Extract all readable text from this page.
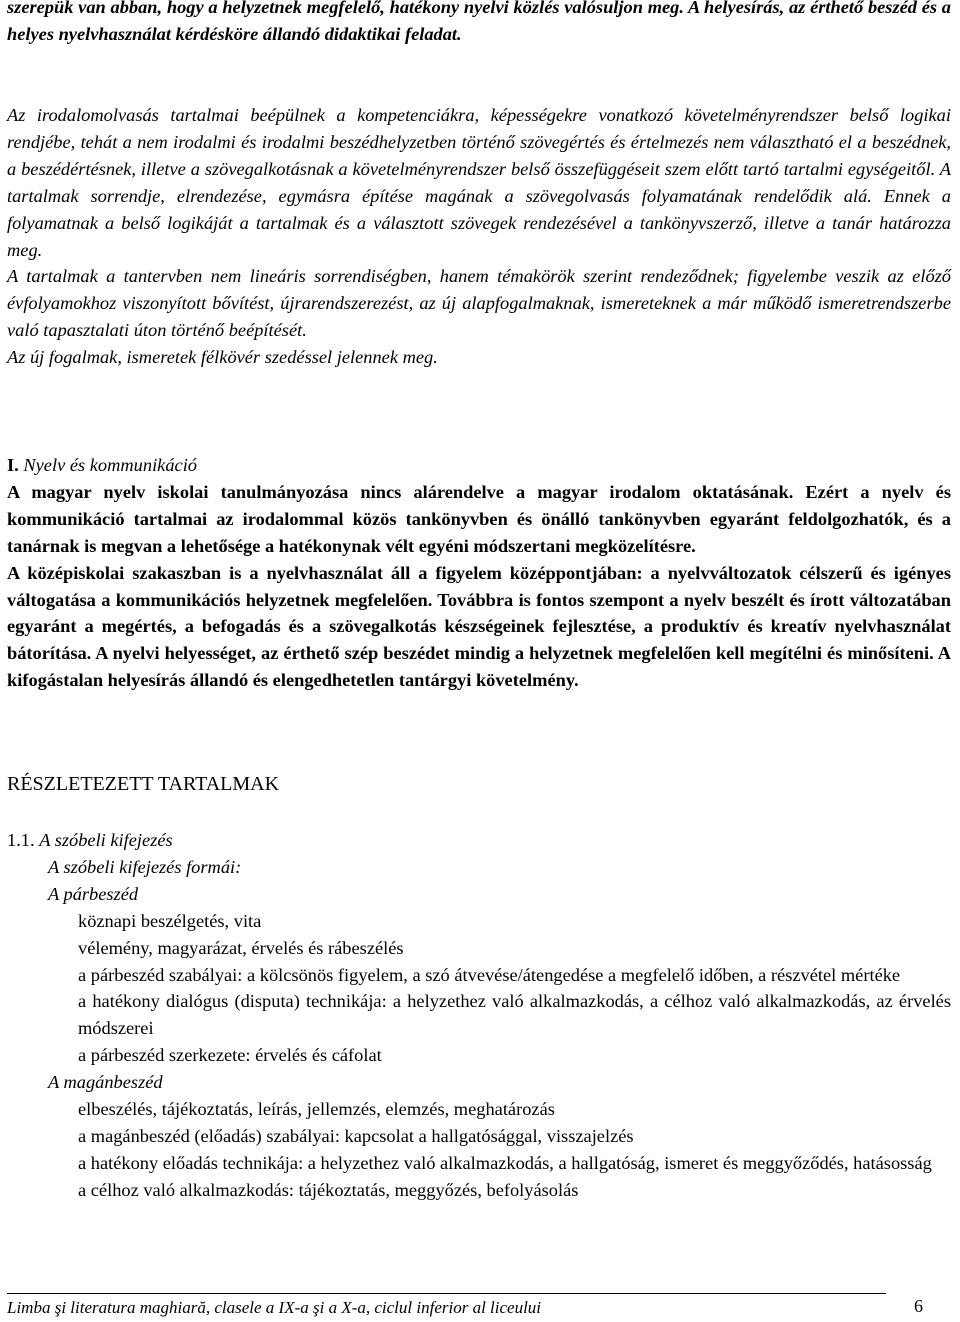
szerepük van abban, hogy a helyzetnek megfelelő, hatékony nyelvi közlés valósuljon meg. A helyesírás, az érthető beszéd és a helyes nyelvhasználat kérdésköre állandó didaktikai feladat.

Az irodalomolvasás tartalmai beépülnek a kompetenciákra, képességekre vonatkozó követelményrendszer belső logikai rendjébe, tehát a nem irodalmi és irodalmi beszédhelyzetben történő szövegértés és értelmezés nem választható el a beszédnek, a beszédértésnek, illetve a szövegalkotásnak a követelményrendszer belső összefüggéseit szem előtt tartó tartalmi egységeitől. A tartalmak sorrendje, elrendezése, egymásra építése magának a szövegolvasás folyamatának rendelődik alá. Ennek a folyamatnak a belső logikáját a tartalmak és a választott szövegek rendezésével a tankönyvszerző, illetve a tanár határozza meg.

A tartalmak a tantervben nem lineáris sorrendiségben, hanem témakörök szerint rendeződnek; figyelembe veszik az előző évfolyamokhoz viszonyított bővítést, újrarendszerezést, az új alapfogalmaknak, ismereteknek a már működő ismeretrendszerbe való tapasztalati úton történő beépítését.

Az új fogalmak, ismeretek félkövér szedéssel jelennek meg.

I. Nyelv és kommunikáció

A magyar nyelv iskolai tanulmányozása nincs alárendelve a magyar irodalom oktatásának. Ezért a nyelv és kommunikáció tartalmai az irodalommal közös tankönyvben és önálló tankönyvben egyaránt feldolgozhatók, és a tanárnak is megvan a lehetősége a hatékonynak vélt egyéni módszertani megközelítésre.

A középiskolai szakaszban is a nyelvhasználat áll a figyelem középpontjában: a nyelvváltozatok célszerű és igényes váltogatása a kommunikációs helyzetnek megfelelően. Továbbra is fontos szempont a nyelv beszélt és írott változatában egyaránt a megértés, a befogadás és a szövegalkotás készségeinek fejlesztése, a produktív és kreatív nyelvhasználat bátorítása. A nyelvi helyességet, az érthető szép beszédet mindig a helyzetnek megfelelően kell megítélni és minősíteni. A kifogástalan helyesírás állandó és elengedhetetlen tantárgyi követelmény.

RÉSZLETEZETT TARTALMAK

1.1. A szóbeli kifejezés

A szóbeli kifejezés formái:

A párbeszéd

köznapi beszélgetés, vita

vélemény, magyarázat, érvelés és rábeszélés

a párbeszéd szabályai: a kölcsönös figyelem, a szó átvevése/átengedése a megfelelő időben, a részvétel mértéke

a hatékony dialógus (disputa) technikája: a helyzethez való alkalmazkodás, a célhoz való alkalmazkodás, az érvelés módszerei

a párbeszéd szerkezete: érvelés és cáfolat

A magánbeszéd

elbeszélés, tájékoztatás, leírás, jellemzés, elemzés, meghatározás

a magánbeszéd (előadás) szabályai: kapcsolat a hallgatósággal, visszajelzés

a hatékony előadás technikája: a helyzethez való alkalmazkodás, a hallgatóság, ismeret és meggyőződés, hatásosság

a célhoz való alkalmazkodás: tájékoztatás, meggyőzés, befolyásolás

Limba şi literatura maghiară, clasele a IX-a şi a X-a, ciclul inferior al liceului	6
